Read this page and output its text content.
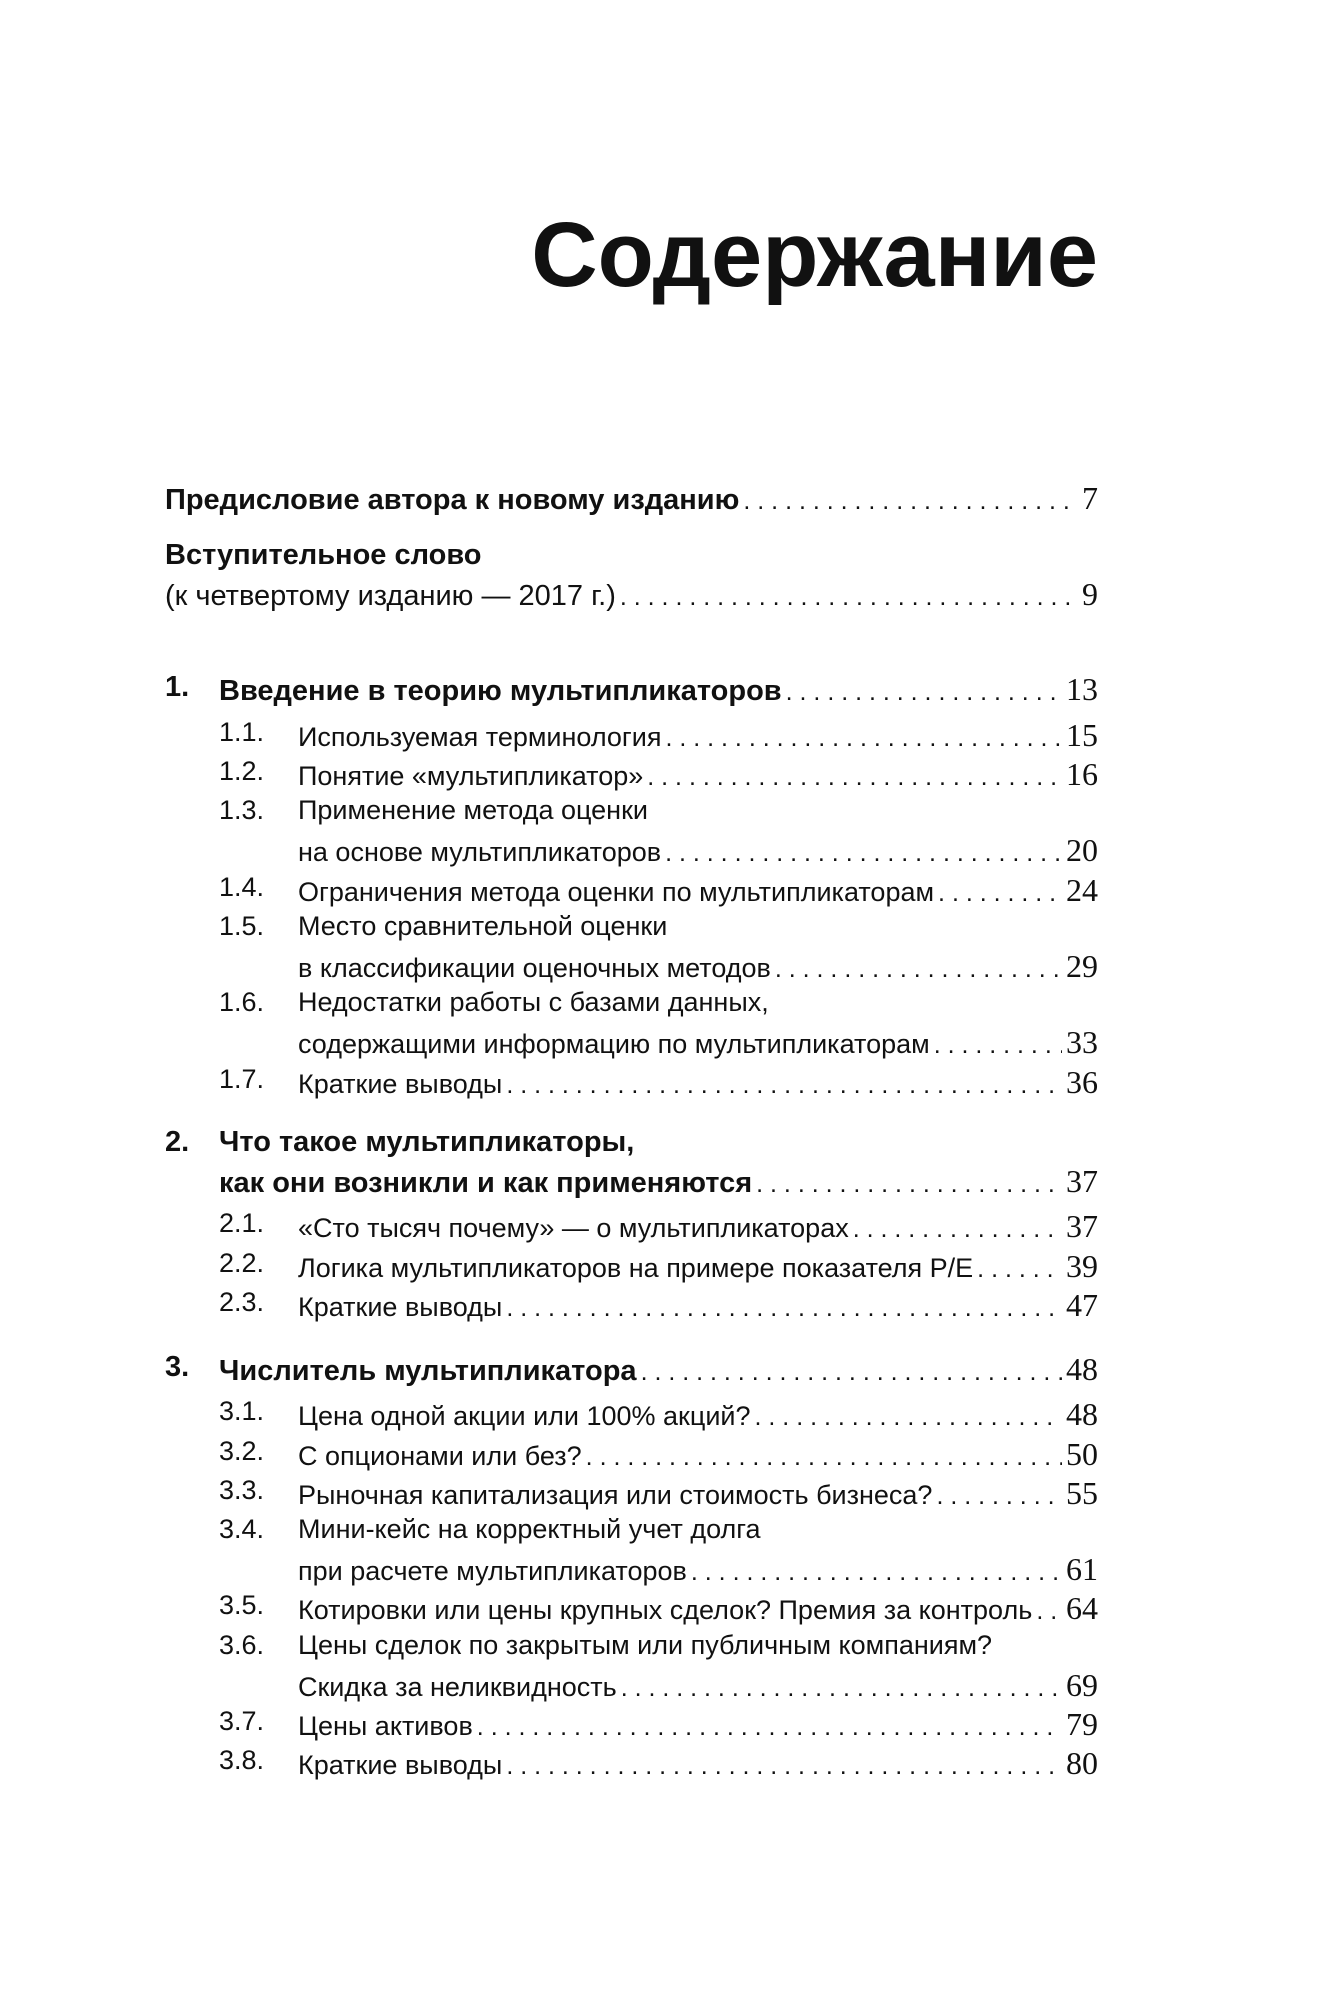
Содержание
Предисловие автора к новому изданию . . .	7
Вступительное слово
(к четвертому изданию — 2017 г.) . . .	9
1.	Введение в теорию мультипликаторов . . .	13
1.1.	Используемая терминология . . .	15
1.2.	Понятие «мультипликатор» . . .	16
1.3.	Применение метода оценки
на основе мультипликаторов . . .	20
1.4.	Ограничения метода оценки по мультипликаторам . . .	24
1.5.	Место сравнительной оценки
в классификации оценочных методов . . .	29
1.6.	Недостатки работы с базами данных,
содержащими информацию по мультипликаторам . . .	33
1.7.	Краткие выводы . . .	36
2.	Что такое мультипликаторы,
как они возникли и как применяются . . .	37
2.1.	«Сто тысяч почему» — о мультипликаторах . . .	37
2.2.	Логика мультипликаторов на примере показателя P/E . . .	39
2.3.	Краткие выводы . . .	47
3.	Числитель мультипликатора . . .	48
3.1.	Цена одной акции или 100% акций? . . .	48
3.2.	С опционами или без? . . .	50
3.3.	Рыночная капитализация или стоимость бизнеса? . . .	55
3.4.	Мини-кейс на корректный учет долга
при расчете мультипликаторов . . .	61
3.5.	Котировки или цены крупных сделок? Премия за контроль . . . 64
3.6.	Цены сделок по закрытым или публичным компаниям?
Скидка за неликвидность . . .	69
3.7.	Цены активов . . .	79
3.8.	Краткие выводы . . .	80
